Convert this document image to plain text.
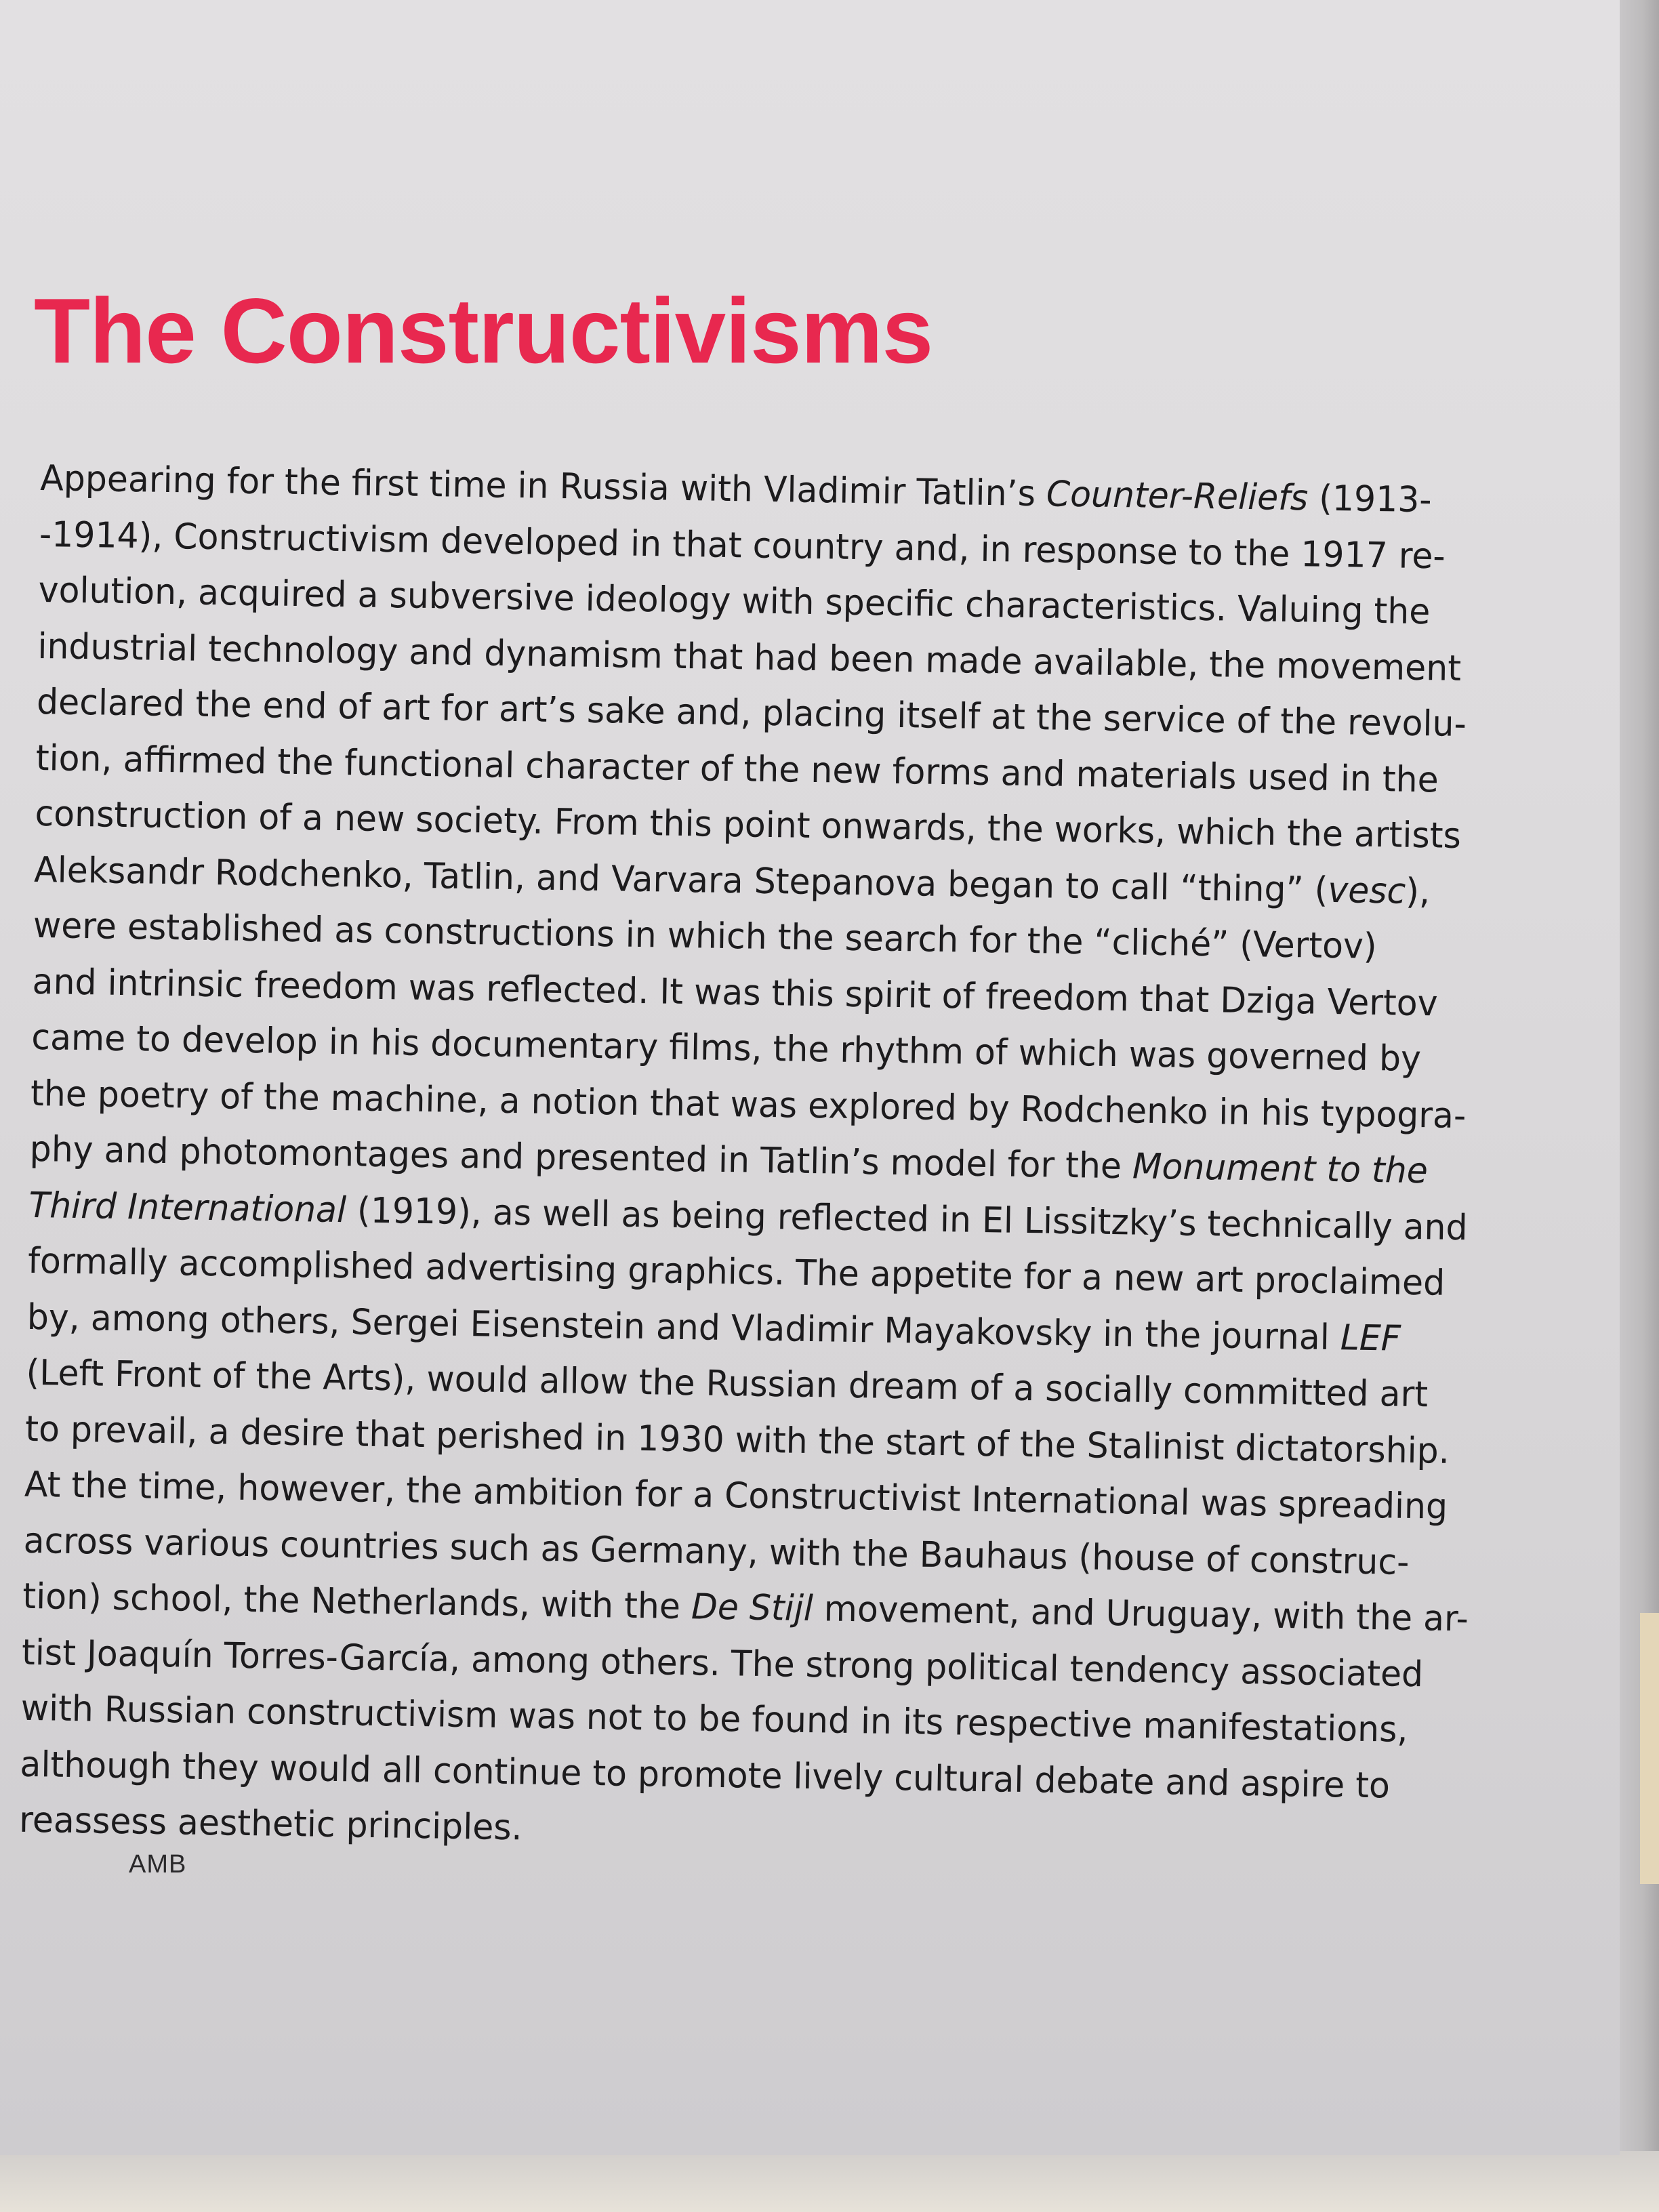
The Constructivisms

Appearing for the first time in Russia with Vladimir Tatlin’s Counter-Reliefs (1913-

-1914), Constructivism developed in that country and, in response to the 1917 re-

volution, acquired a subversive ideology with specific characteristics. Valuing the

industrial technology and dynamism that had been made available, the movement

declared the end of art for art’s sake and, placing itself at the service of the revolu-

tion, affirmed the functional character of the new forms and materials used in the

construction of a new society. From this point onwards, the works, which the artists

Aleksandr Rodchenko, Tatlin, and Varvara Stepanova began to call “thing” (vesc),

were established as constructions in which the search for the “cliché” (Vertov)

and intrinsic freedom was reflected. It was this spirit of freedom that Dziga Vertov

came to develop in his documentary films, the rhythm of which was governed by

the poetry of the machine, a notion that was explored by Rodchenko in his typogra-

phy and photomontages and presented in Tatlin’s model for the Monument to the

Third International (1919), as well as being reflected in El Lissitzky’s technically and

formally accomplished advertising graphics. The appetite for a new art proclaimed

by, among others, Sergei Eisenstein and Vladimir Mayakovsky in the journal LEF

(Left Front of the Arts), would allow the Russian dream of a socially committed art

to prevail, a desire that perished in 1930 with the start of the Stalinist dictatorship.

At the time, however, the ambition for a Constructivist International was spreading

across various countries such as Germany, with the Bauhaus (house of construc-

tion) school, the Netherlands, with the De Stijl movement, and Uruguay, with the ar-

tist Joaquín Torres-García, among others. The strong political tendency associated

with Russian constructivism was not to be found in its respective manifestations,

although they would all continue to promote lively cultural debate and aspire to

reassess aesthetic principles.

AMB
